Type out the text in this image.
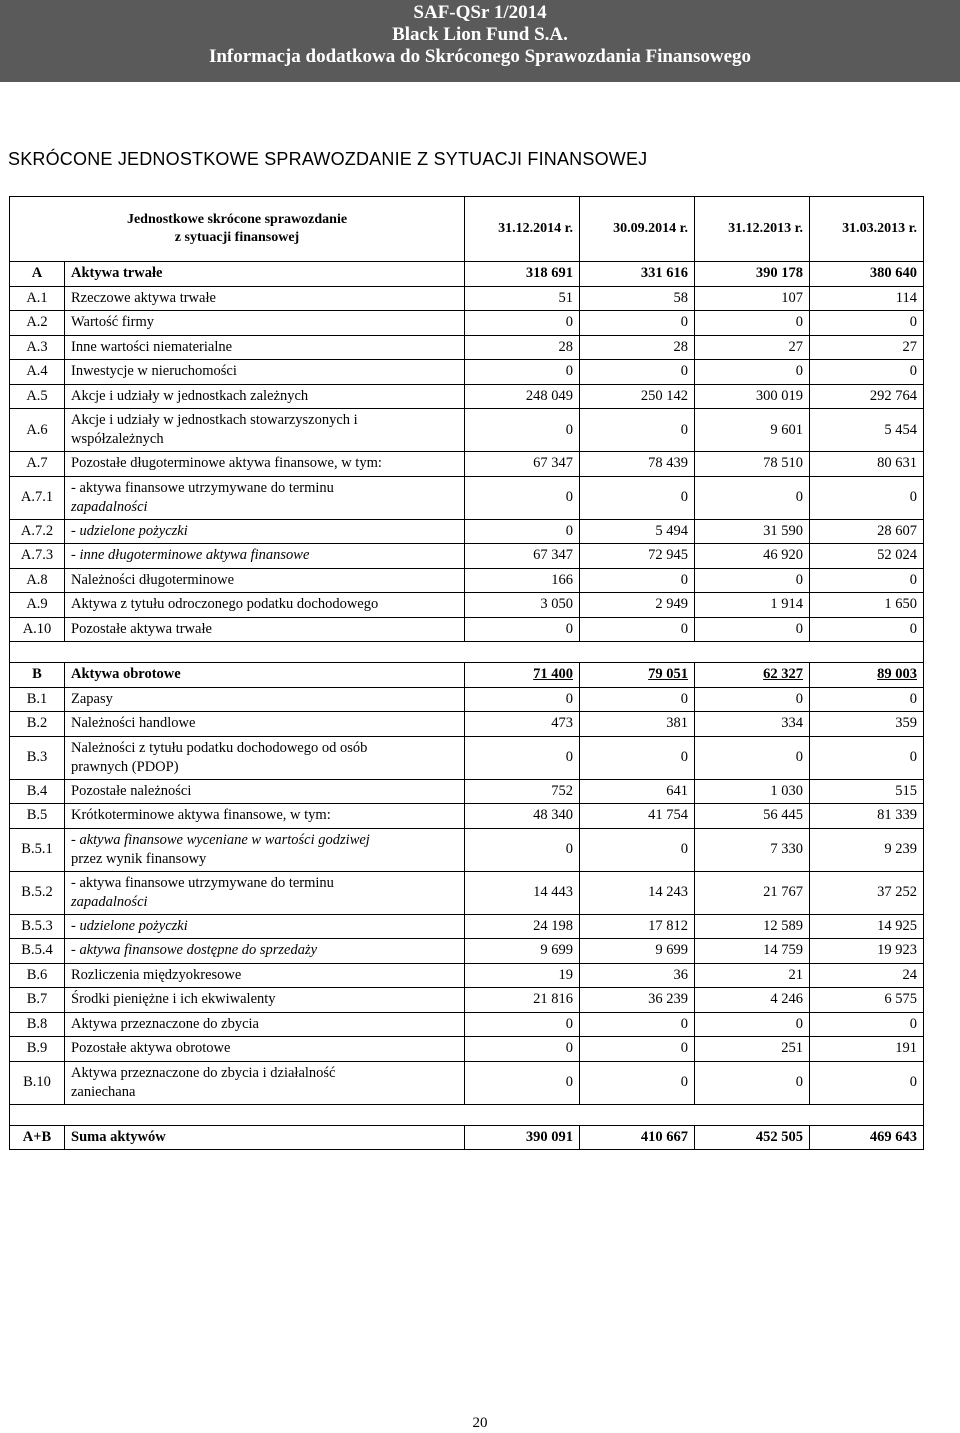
SAF-QSr 1/2014
Black Lion Fund S.A.
Informacja dodatkowa do Skróconego Sprawozdania Finansowego
SKRÓCONE JEDNOSTKOWE SPRAWOZDANIE Z SYTUACJI FINANSOWEJ
Jednostkowe skrócone sprawozdanie
z sytuacji finansowej		31.12.2014 r.	30.09.2014 r.	31.12.2013 r.	31.03.2013 r.
A	Aktywa trwałe	318 691	331 616	390 178	380 640
A.1	Rzeczowe aktywa trwałe	51	58	107	114
A.2	Wartość firmy	0	0	0	0
A.3	Inne wartości niematerialne	28	28	27	27
A.4	Inwestycje w nieruchomości	0	0	0	0
A.5	Akcje i udziały w jednostkach zależnych	248 049	250 142	300 019	292 764
A.6	Akcje i udziały w jednostkach stowarzyszonych i
współzależnych	0	0	9 601	5 454
A.7	Pozostałe długoterminowe aktywa finansowe, w tym:	67 347	78 439	78 510	80 631
A.7.1	- aktywa finansowe utrzymywane do terminu
zapadalności	0	0	0	0
A.7.2	- udzielone pożyczki	0	5 494	31 590	28 607
A.7.3	- inne długoterminowe aktywa finansowe	67 347	72 945	46 920	52 024
A.8	Należności długoterminowe	166	0	0	0
A.9	Aktywa z tytułu odroczonego podatku dochodowego	3 050	2 949	1 914	1 650
A.10	Pozostałe aktywa trwałe	0	0	0	0

B	Aktywa obrotowe	71 400	79 051	62 327	89 003
B.1	Zapasy	0	0	0	0
B.2	Należności handlowe	473	381	334	359
B.3	Należności z tytułu podatku dochodowego od osób
prawnych (PDOP)	0	0	0	0
B.4	Pozostałe należności	752	641	1 030	515
B.5	Krótkoterminowe aktywa finansowe, w tym:	48 340	41 754	56 445	81 339
B.5.1	- aktywa finansowe wyceniane w wartości godziwej
przez wynik finansowy	0	0	7 330	9 239
B.5.2	- aktywa finansowe utrzymywane do terminu
zapadalności	14 443	14 243	21 767	37 252
B.5.3	- udzielone pożyczki	24 198	17 812	12 589	14 925
B.5.4	- aktywa finansowe dostępne do sprzedaży	9 699	9 699	14 759	19 923
B.6	Rozliczenia międzyokresowe	19	36	21	24
B.7	Środki pieniężne i ich ekwiwalenty	21 816	36 239	4 246	6 575
B.8	Aktywa przeznaczone do zbycia	0	0	0	0
B.9	Pozostałe aktywa obrotowe	0	0	251	191
B.10	Aktywa przeznaczone do zbycia i działalność
zaniechana	0	0	0	0

A+B	Suma aktywów	390 091	410 667	452 505	469 643
20
